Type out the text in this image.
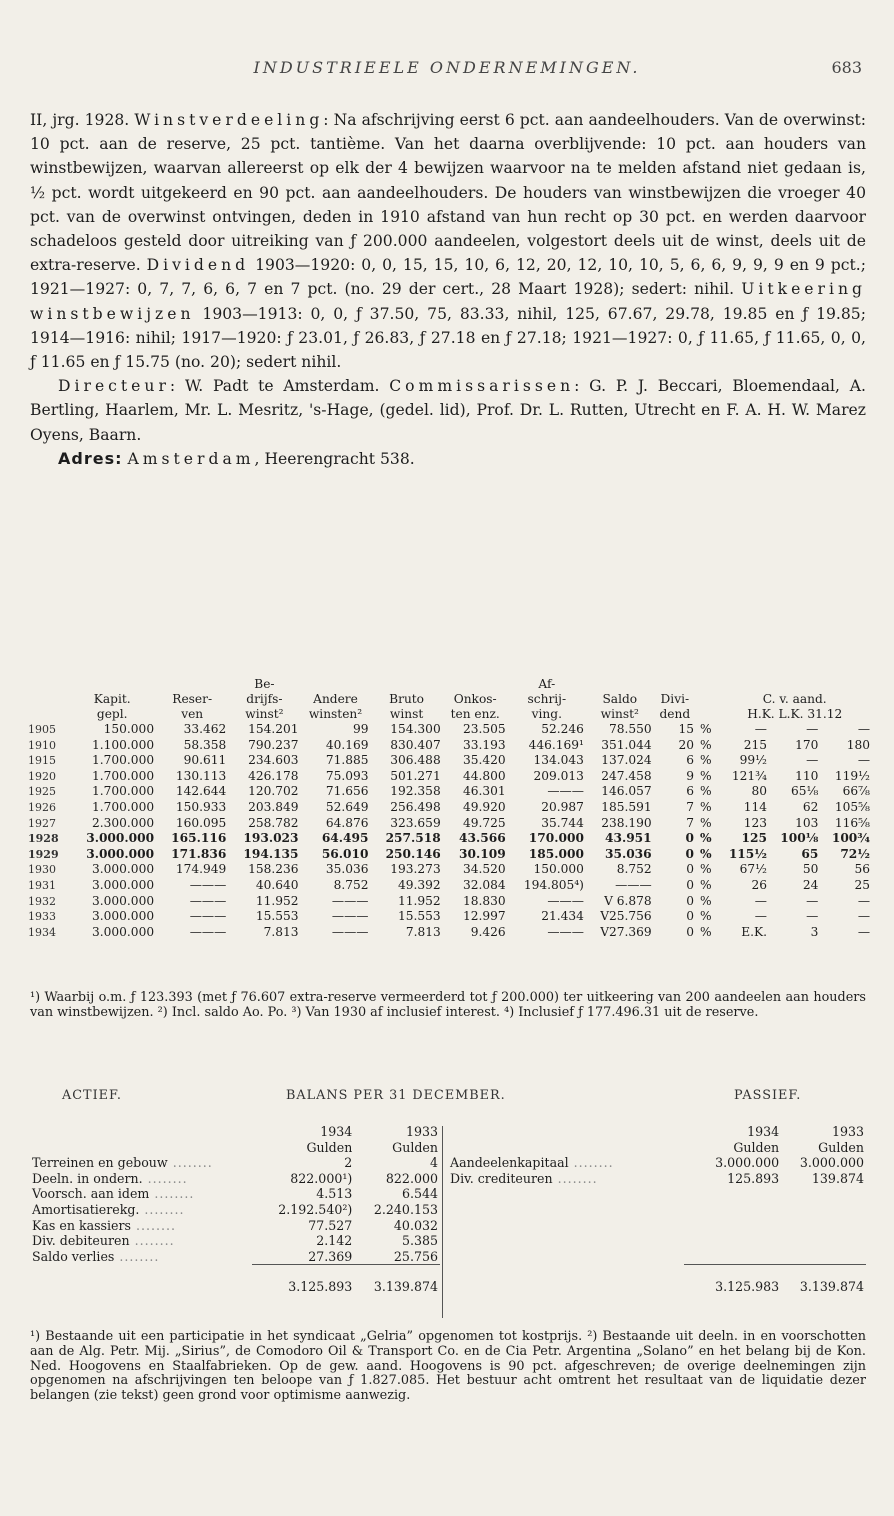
INDUSTRIEELE ONDERNEMINGEN.	683

II, jrg. 1928. Winstverdeeling: Na afschrijving eerst 6 pct. aan aandeelhouders. Van de overwinst: 10 pct. aan de reserve, 25 pct. tantième. Van het daarna overblijvende: 10 pct. aan houders van winstbewijzen, waarvan allereerst op elk der 4 bewijzen waarvoor na te melden afstand niet gedaan is, ½ pct. wordt uitgekeerd en 90 pct. aan aandeelhouders. De houders van winstbewijzen die vroeger 40 pct. van de overwinst ontvingen, deden in 1910 afstand van hun recht op 30 pct. en werden daarvoor schadeloos gesteld door uitreiking van ƒ 200.000 aandeelen, volgestort deels uit de winst, deels uit de extra-reserve. Dividend 1903—1920: 0, 0, 15, 15, 10, 6, 12, 20, 12, 10, 10, 5, 6, 6, 9, 9, 9 en 9 pct.; 1921—1927: 0, 7, 7, 6, 6, 7 en 7 pct. (no. 29 der cert., 28 Maart 1928); sedert: nihil. Uitkeering winstbewijzen 1903—1913: 0, 0, ƒ 37.50, 75, 83.33, nihil, 125, 67.67, 29.78, 19.85 en ƒ 19.85; 1914—1916: nihil; 1917—1920: ƒ 23.01, ƒ 26.83, ƒ 27.18 en ƒ 27.18; 1921—1927: 0, ƒ 11.65, ƒ 11.65, 0, 0, ƒ 11.65 en ƒ 15.75 (no. 20); sedert nihil.

Directeur: W. Padt te Amsterdam. Commissarissen: G. P. J. Beccari, Bloemendaal, A. Bertling, Haarlem, Mr. L. Mesritz, 's-Hage, (gedel. lid), Prof. Dr. L. Rutten, Utrecht en F. A. H. W. Marez Oyens, Baarn.

Adres: Amsterdam, Heerengracht 538.

			Be-				Af-						
	Kapit.	Reser-	drijfs-	Andere	Bruto	Onkos-	schrij-	Saldo	Divi-		C. v. aand.		
	gepl.	ven	winst²	winsten²	winst	ten enz.	ving.	winst²	dend		H.K. L.K. 31.12		
1905	150.000	33.462	154.201	99	154.300	23.505	52.246	78.550	15	%	—	—	—
1910	1.100.000	58.358	790.237	40.169	830.407	33.193	446.169¹	351.044	20	%	215	170	180
1915	1.700.000	90.611	234.603	71.885	306.488	35.420	134.043	137.024	6	%	99½	—	—
1920	1.700.000	130.113	426.178	75.093	501.271	44.800	209.013	247.458	9	%	121¾	110	119½
1925	1.700.000	142.644	120.702	71.656	192.358	46.301	———	146.057	6	%	80	65⅛	66⅞
1926	1.700.000	150.933	203.849	52.649	256.498	49.920	20.987	185.591	7	%	114	62	105⅝
1927	2.300.000	160.095	258.782	64.876	323.659	49.725	35.744	238.190	7	%	123	103	116⅝
1928	3.000.000	165.116	193.023	64.495	257.518	43.566	170.000	43.951	0	%	125	100⅛	100¾
1929	3.000.000	171.836	194.135	56.010	250.146	30.109	185.000	35.036	0	%	115½	65	72½
1930	3.000.000	174.949	158.236	35.036	193.273	34.520	150.000	8.752	0	%	67½	50	56
1931	3.000.000	———	40.640	8.752	49.392	32.084	194.805⁴)	———	0	%	26	24	25
1932	3.000.000	———	11.952	———	11.952	18.830	———	V 6.878	0	%	—	—	—
1933	3.000.000	———	15.553	———	15.553	12.997	21.434	V25.756	0	%	—	—	—
1934	3.000.000	———	7.813	———	7.813	9.426	———	V27.369	0	%	E.K.	3	—

¹) Waarbij o.m. ƒ 123.393 (met ƒ 76.607 extra-reserve vermeerderd tot ƒ 200.000) ter uitkeering van 200 aandeelen aan houders van winstbewijzen. ²) Incl. saldo Ao. Po. ³) Van 1930 af inclusief interest. ⁴) Inclusief ƒ 177.496.31 uit de reserve.

ACTIEF.	BALANS PER 31 DECEMBER.	PASSIEF.
	1934	1933
	Gulden	Gulden
Terreinen en gebouw ........	2	4
Deeln. in ondern. ........	822.000¹)	822.000
Voorsch. aan idem ........	4.513	6.544
Amortisatierekg. ........	2.192.540²)	2.240.153
Kas en kassiers ........	77.527	40.032
Div. debiteuren ........	2.142	5.385
Saldo verlies ........	27.369	25.756
	3.125.893	3.139.874
	1934	1933
	Gulden	Gulden
Aandeelenkapitaal ........	3.000.000	3.000.000
Div. crediteuren ........	125.893	139.874

	3.125.983	3.139.874

¹) Bestaande uit een participatie in het syndicaat „Gelria” opgenomen tot kostprijs. ²) Bestaande uit deeln. in en voorschotten aan de Alg. Petr. Mij. „Sirius”, de Comodoro Oil & Transport Co. en de Cia Petr. Argentina „Solano” en het belang bij de Kon. Ned. Hoogovens en Staalfabrieken. Op de gew. aand. Hoogovens is 90 pct. afgeschreven; de overige deelnemingen zijn opgenomen na afschrijvingen ten beloope van ƒ 1.827.085. Het bestuur acht omtrent het resultaat van de liquidatie dezer belangen (zie tekst) geen grond voor optimisme aanwezig.
